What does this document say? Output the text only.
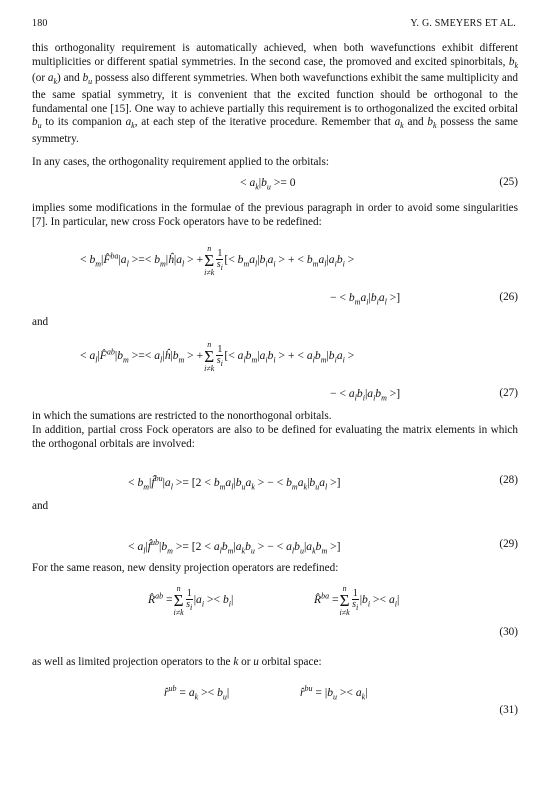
180	Y. G. SMEYERS ET AL.
this orthogonality requirement is automatically achieved, when both wavefunctions exhibit different multiplicities or different spatial symmetries. In the second case, the promoved and excited spinorbitals, $b_k$ (or $a_k$) and $b_u$ possess also different symmetries. When both wavefunctions exhibit the same multiplicity and the same spatial symmetry, it is convenient that the excited function should be orthogonal to the fundamental one [15]. One way to achieve partially this requirement is to orthogonalized the excited orbital $b_u$ to its companion $a_k$, at each step of the iterative procedure. Remember that $a_k$ and $b_k$ possess the same symmetry.
In any cases, the orthogonality requirement applied to the orbitals:
< $a_k|b_u >= 0$	(25)
implies some modifications in the formulae of the previous paragraph in order to avoid some singularities [7]. In particular, new cross Fock operators have to be redefined:
< $b_m|F̂^{ba}|a_l$ >=< $b_m|ĥ|a_l$ > +
n
Σ
$i\ne k \frac{1}{s_i}$ [< $b_ma_l|b_ia_i$ > + < $b_ma_l|a_ib_i$ >
− < $b_ma_i|b_ia_l$ >]	(26)
and
< $a_l|F̂^{ab}|b_m$ >=< $a_l|ĥ|b_m$ > +
n
Σ
$i\ne k \frac{1}{s_i}$ [< $a_lb_m|a_ib_i$ > + < $a_lb_m|b_ia_i$ >
− < $a_lb_i|a_ib_m$ >]	(27)
in which the sumations are restricted to the nonorthogonal orbitals.
In addition, partial cross Fock operators are also to be defined for evaluating the matrix elements in which the orthogonal orbitals are involved:
< $b_m|f̂^{bu}|a_l >= [2 < b_ma_l|b_ua_k$ > − < $b_ma_k|b_ua_l$ >]	(28)
and
< $a_l|f̂^{ub}|b_m >= [2 < a_lb_m|a_kb_u$ > − < $a_lb_u|a_kb_m$ >]	(29)
For the same reason, new density projection operators are redefined:
R̂$^{ab}$ =
n
Σ
$i\ne k \frac{1}{s_i} |a_i >< b_i|$	R̂$^{ba}$ =
n
Σ
$i\ne k \frac{1}{s_i} |b_i >< a_i|$
(30)
as well as limited projection operators to the k or u orbital space:
r̂$^{ub}$ = $a_k >< b_u|$	r̂$^{bu}$ = $|b_u >< a_k|$
(31)
